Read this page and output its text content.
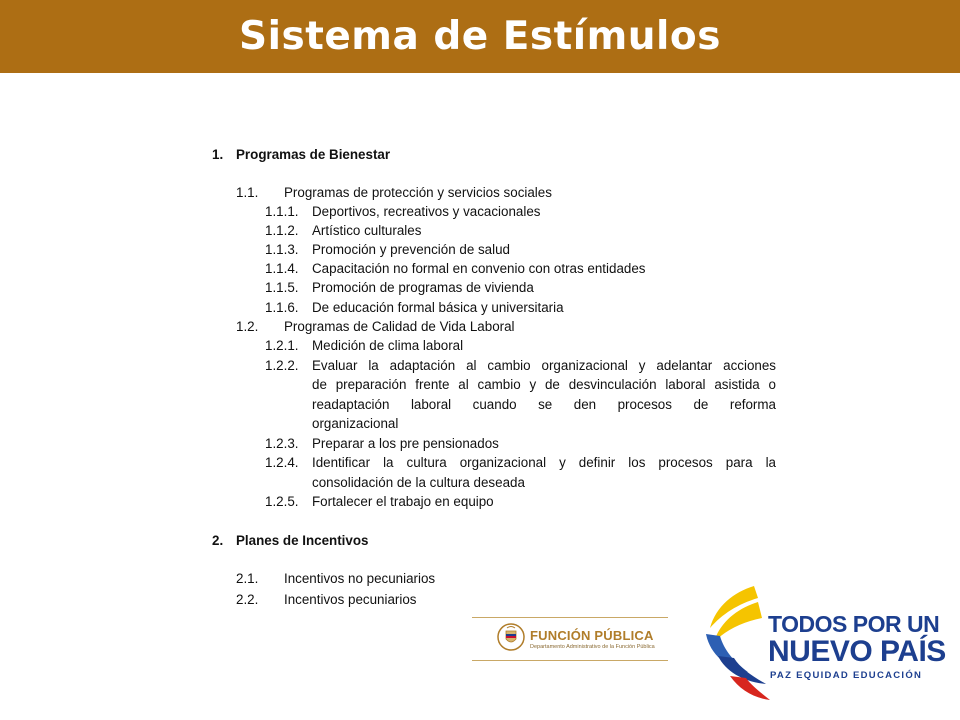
Sistema de Estímulos
1. Programas de Bienestar
1.1. Programas de protección y servicios sociales
1.1.1. Deportivos, recreativos y vacacionales
1.1.2. Artístico culturales
1.1.3. Promoción y prevención de salud
1.1.4. Capacitación no formal en convenio con otras entidades
1.1.5. Promoción de programas de vivienda
1.1.6. De educación formal básica y universitaria
1.2. Programas de Calidad de Vida Laboral
1.2.1. Medición de clima laboral
1.2.2. Evaluar la adaptación al cambio organizacional y adelantar acciones
de preparación frente al cambio y de desvinculación laboral asistida o
readaptación laboral cuando se den procesos de reforma
organizacional
1.2.3. Preparar a los pre pensionados
1.2.4. Identificar la cultura organizacional y definir los procesos para la
consolidación de la cultura deseada
1.2.5. Fortalecer el trabajo en equipo
2. Planes de Incentivos
2.1. Incentivos no pecuniarios
2.2. Incentivos pecuniarios
FUNCIÓN PÚBLICA
Departamento Administrativo de la Función Pública
TODOS POR UN
NUEVO PAÍS
PAZ EQUIDAD EDUCACIÓN
